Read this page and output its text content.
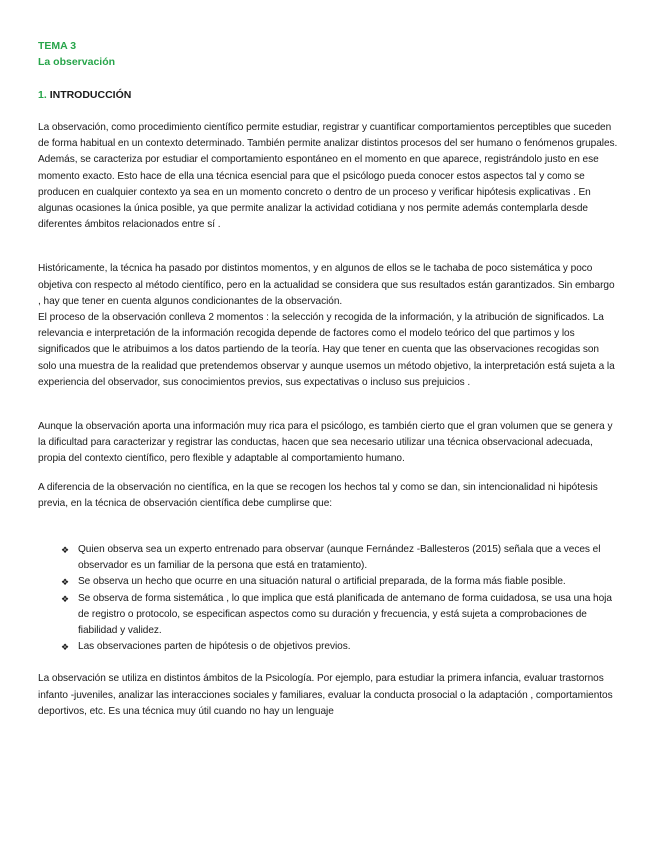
TEMA 3
La observación
1. INTRODUCCIÓN

La observación, como procedimiento científico permite estudiar, registrar y cuantificar comportamientos perceptibles que suceden de forma habitual en un contexto determinado. También permite analizar distintos procesos del ser humano o fenómenos grupales. Además, se caracteriza por estudiar el comportamiento espontáneo en el momento en que aparece, registrándolo justo en ese momento exacto. Esto hace de ella una técnica esencial para que el psicólogo pueda conocer estos aspectos tal y como se producen en cualquier contexto ya sea en un momento concreto o dentro de un proceso y verificar hipótesis explicativas . En algunas ocasiones la única posible, ya que permite analizar la actividad cotidiana y nos permite además contemplarla desde diferentes ámbitos relacionados entre sí .

Históricamente, la técnica ha pasado por distintos momentos, y en algunos de ellos se le tachaba de poco sistemática y poco objetiva con respecto al método científico, pero en la actualidad se considera que sus resultados están garantizados. Sin embargo , hay que tener en cuenta algunos condicionantes de la observación.

El proceso de la observación conlleva 2 momentos : la selección y recogida de la información, y la atribución de significados. La relevancia e interpretación de la información recogida depende de factores como el modelo teórico del que partimos y los significados que le atribuimos a los datos partiendo de la teoría. Hay que tener en cuenta que las observaciones recogidas son solo una muestra de la realidad que pretendemos observar y aunque usemos un método objetivo, la interpretación está sujeta a la experiencia del observador, sus conocimientos previos, sus expectativas o incluso sus prejuicios .

Aunque la observación aporta una información muy rica para el psicólogo, es también cierto que el gran volumen que se genera y la dificultad para caracterizar y registrar las conductas, hacen que sea necesario utilizar una técnica observacional adecuada, propia del contexto científico, pero flexible y adaptable al comportamiento humano.

A diferencia de la observación no científica, en la que se recogen los hechos tal y como se dan, sin intencionalidad ni hipótesis previa, en la técnica de observación científica debe cumplirse que:

❖ Quien observa sea un experto entrenado para observar (aunque Fernández -Ballesteros (2015) señala que a veces el observador es un familiar de la persona que está en tratamiento).
❖ Se observa un hecho que ocurre en una situación natural o artificial preparada, de la forma más fiable posible.
❖ Se observa de forma sistemática , lo que implica que está planificada de antemano de forma cuidadosa, se usa una hoja de registro o protocolo, se especifican aspectos como su duración y frecuencia, y está sujeta a comprobaciones de fiabilidad y validez.
❖ Las observaciones parten de hipótesis o de objetivos previos.

La observación se utiliza en distintos ámbitos de la Psicología. Por ejemplo, para estudiar la primera infancia, evaluar trastornos infanto -juveniles, analizar las interacciones sociales y familiares, evaluar la conducta prosocial o la adaptación , comportamientos deportivos, etc. Es una técnica muy útil cuando no hay un lenguaje
